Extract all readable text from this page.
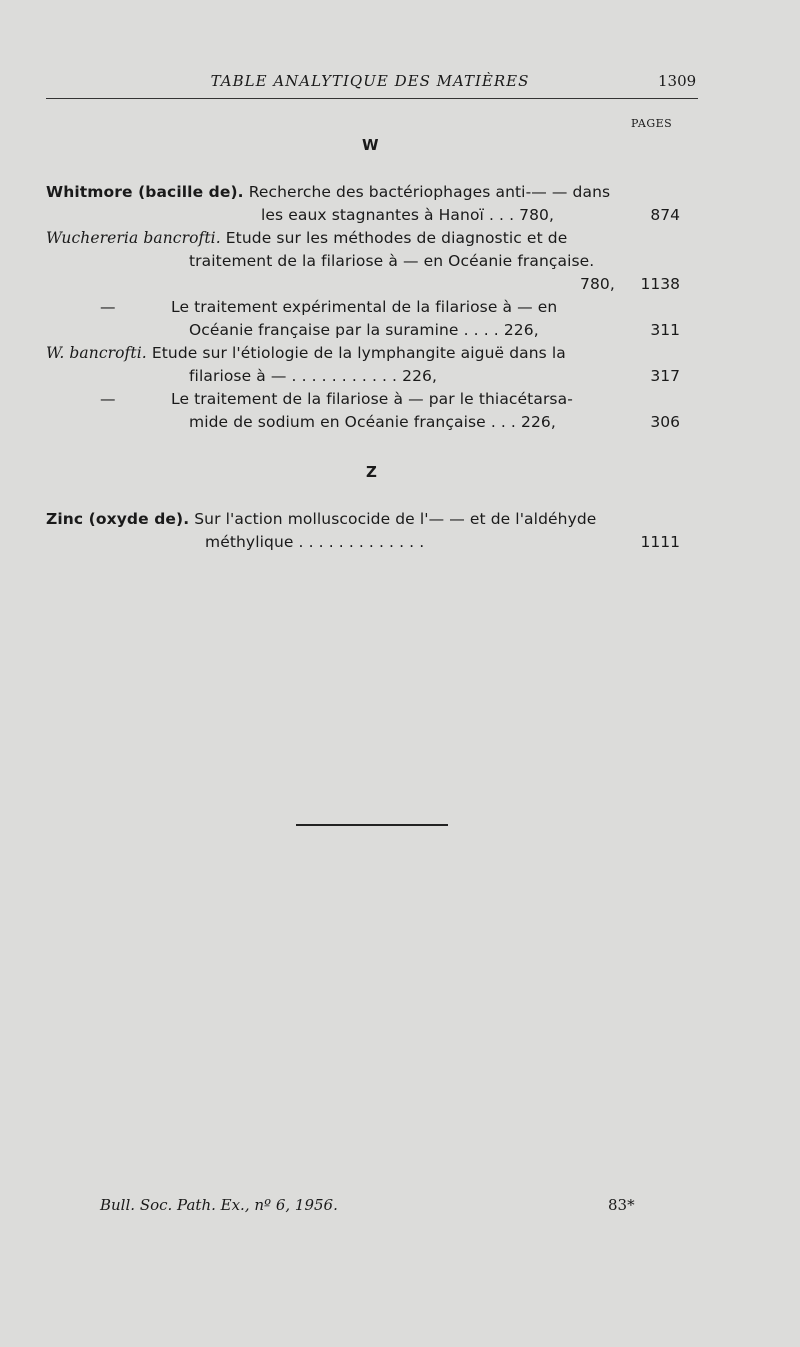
TABLE ANALYTIQUE DES MATIÈRES	1309
PAGES
W
Whitmore (bacille de). Recherche des bactériophages anti-— — dans
les eaux stagnantes à Hanoï . . . 780,	874
Wuchereria bancrofti. Etude sur les méthodes de diagnostic et de
traitement de la filariose à — en Océanie française.
780,	1138
—	Le traitement expérimental de la filariose à — en
Océanie française par la suramine . . . . 226,	311
W. bancrofti. Etude sur l'étiologie de la lymphangite aiguë dans la
filariose à — . . . . . . . . . . . 226,	317
—	Le traitement de la filariose à — par le thiacétarsa-
mide de sodium en Océanie française . . . 226,	306
Z
Zinc (oxyde de). Sur l'action molluscocide de l'— — et de l'aldéhyde
méthylique . . . . . . . . . . . . .	1111
Bull. Soc. Path. Ex., nº 6, 1956.	83*
